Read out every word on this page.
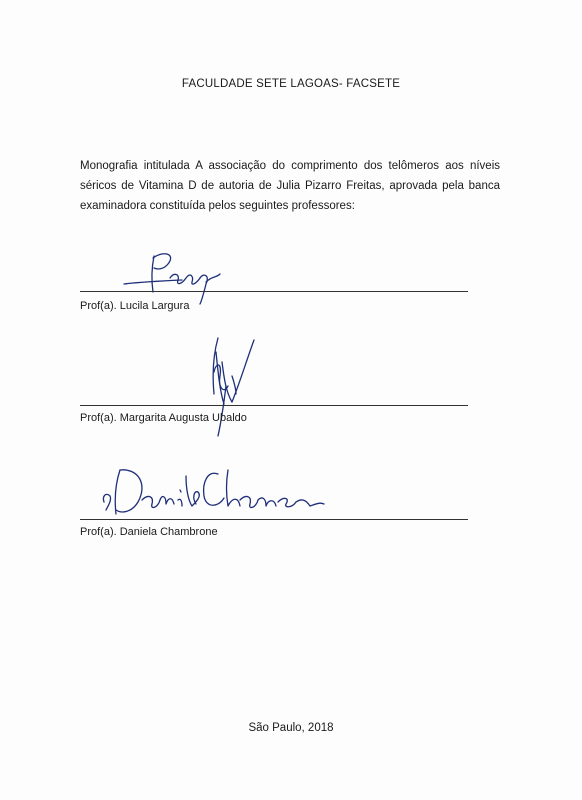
FACULDADE SETE LAGOAS- FACSETE
Monografia intitulada A associação do comprimento dos telômeros aos níveis séricos de Vitamina D de autoria de Julia Pizarro Freitas, aprovada pela banca examinadora constituída pelos seguintes professores:
Prof(a). Lucila Largura
Prof(a). Margarita Augusta Ubaldo
Prof(a). Daniela Chambrone
São Paulo, 2018
